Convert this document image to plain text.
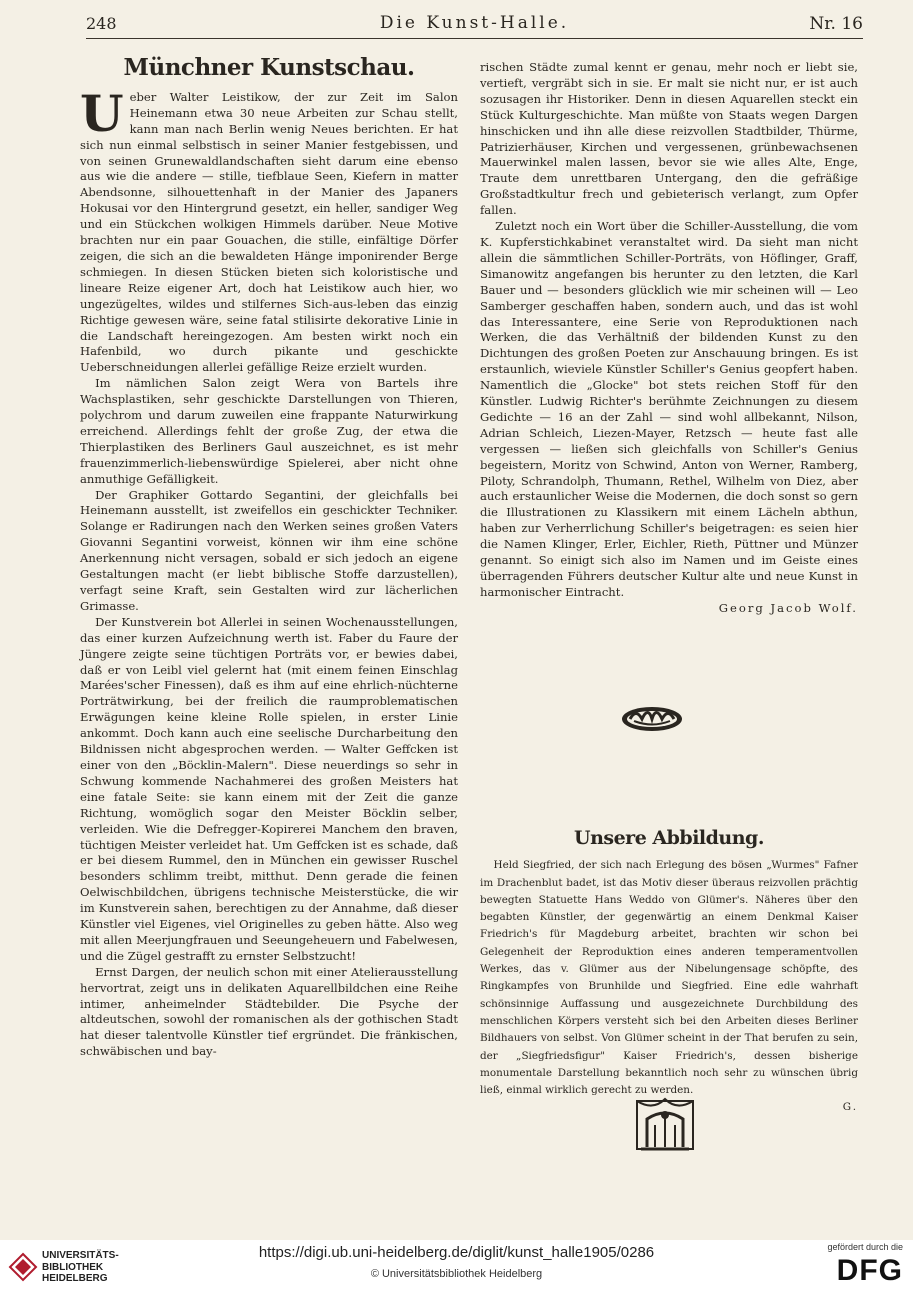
248	Die Kunst-Halle.	Nr. 16
Münchner Kunstschau.

Ueber Walter Leistikow, der zur Zeit im Salon Heinemann etwa 30 neue Arbeiten zur Schau stellt, kann man nach Berlin wenig Neues berichten. Er hat sich nun einmal selbstisch in seiner Manier festgebissen, und von seinen Grunewaldlandschaften sieht darum eine ebenso aus wie die andere — stille, tiefblaue Seen, Kiefern in matter Abendsonne, silhouettenhaft in der Manier des Japaners Hokusai vor den Hintergrund gesetzt, ein heller, sandiger Weg und ein Stückchen wolkigen Himmels darüber. Neue Motive brachten nur ein paar Gouachen, die stille, einfältige Dörfer zeigen, die sich an die bewaldeten Hänge imponirender Berge schmiegen. In diesen Stücken bieten sich koloristische und lineare Reize eigener Art, doch hat Leistikow auch hier, wo ungezügeltes, wildes und stilfernes Sich-aus-leben das einzig Richtige gewesen wäre, seine fatal stilisirte dekorative Linie in die Landschaft hereingezogen. Am besten wirkt noch ein Hafenbild, wo durch pikante und geschickte Ueberschneidungen allerlei gefällige Reize erzielt wurden.

Im nämlichen Salon zeigt Wera von Bartels ihre Wachsplastiken, sehr geschickte Darstellungen von Thieren, polychrom und darum zuweilen eine frappante Naturwirkung erreichend. Allerdings fehlt der große Zug, der etwa die Thierplastiken des Berliners Gaul auszeichnet, es ist mehr frauenzimmerlich-liebenswürdige Spielerei, aber nicht ohne anmuthige Gefälligkeit.

Der Graphiker Gottardo Segantini, der gleichfalls bei Heinemann ausstellt, ist zweifellos ein geschickter Techniker. Solange er Radirungen nach den Werken seines großen Vaters Giovanni Segantini vorweist, können wir ihm eine schöne Anerkennung nicht versagen, sobald er sich jedoch an eigene Gestaltungen macht (er liebt biblische Stoffe darzustellen), verfagt seine Kraft, sein Gestalten wird zur lächerlichen Grimasse.

Der Kunstverein bot Allerlei in seinen Wochenausstellungen, das einer kurzen Aufzeichnung werth ist. Faber du Faure der Jüngere zeigte seine tüchtigen Porträts vor, er bewies dabei, daß er von Leibl viel gelernt hat (mit einem feinen Einschlag Marées'scher Finessen), daß es ihm auf eine ehrlich-nüchterne Porträtwirkung, bei der freilich die raumproblematischen Erwägungen keine kleine Rolle spielen, in erster Linie ankommt. Doch kann auch eine seelische Durcharbeitung den Bildnissen nicht abgesprochen werden. — Walter Geffcken ist einer von den „Böcklin-Malern". Diese neuerdings so sehr in Schwung kommende Nachahmerei des großen Meisters hat eine fatale Seite: sie kann einem mit der Zeit die ganze Richtung, womöglich sogar den Meister Böcklin selber, verleiden. Wie die Defregger-Kopirerei Manchem den braven, tüchtigen Meister verleidet hat. Um Geffcken ist es schade, daß er bei diesem Rummel, den in München ein gewisser Ruschel besonders schlimm treibt, mitthut. Denn gerade die feinen Oelwischbildchen, übrigens technische Meisterstücke, die wir im Kunstverein sahen, berechtigen zu der Annahme, daß dieser Künstler viel Eigenes, viel Originelles zu geben hätte. Also weg mit allen Meerjungfrauen und Seeungeheuern und Fabelwesen, und die Zügel gestrafft zu ernster Selbstzucht!

Ernst Dargen, der neulich schon mit einer Atelierausstellung hervortrat, zeigt uns in delikaten Aquarellbildchen eine Reihe intimer, anheimelnder Städtebilder. Die Psyche der altdeutschen, sowohl der romanischen als der gothischen Stadt hat dieser talentvolle Künstler tief ergründet. Die fränkischen, schwäbischen und bay-

rischen Städte zumal kennt er genau, mehr noch er liebt sie, vertieft, vergräbt sich in sie. Er malt sie nicht nur, er ist auch sozusagen ihr Historiker. Denn in diesen Aquarellen steckt ein Stück Kulturgeschichte. Man müßte von Staats wegen Dargen hinschicken und ihn alle diese reizvollen Stadtbilder, Thürme, Patrizierhäuser, Kirchen und vergessenen, grünbewachsenen Mauerwinkel malen lassen, bevor sie wie alles Alte, Enge, Traute dem unrettbaren Untergang, den die gefräßige Großstadtkultur frech und gebieterisch verlangt, zum Opfer fallen.

Zuletzt noch ein Wort über die Schiller-Ausstellung, die vom K. Kupferstichkabinet veranstaltet wird. Da sieht man nicht allein die sämmtlichen Schiller-Porträts, von Höflinger, Graff, Simanowitz angefangen bis herunter zu den letzten, die Karl Bauer und — besonders glücklich wie mir scheinen will — Leo Samberger geschaffen haben, sondern auch, und das ist wohl das Interessantere, eine Serie von Reproduktionen nach Werken, die das Verhältniß der bildenden Kunst zu den Dichtungen des großen Poeten zur Anschauung bringen. Es ist erstaunlich, wieviele Künstler Schiller's Genius geopfert haben. Namentlich die „Glocke" bot stets reichen Stoff für den Künstler. Ludwig Richter's berühmte Zeichnungen zu diesem Gedichte — 16 an der Zahl — sind wohl allbekannt, Nilson, Adrian Schleich, Liezen-Mayer, Retzsch — heute fast alle vergessen — ließen sich gleichfalls von Schiller's Genius begeistern, Moritz von Schwind, Anton von Werner, Ramberg, Piloty, Schrandolph, Thumann, Rethel, Wilhelm von Diez, aber auch erstaunlicher Weise die Modernen, die doch sonst so gern die Illustrationen zu Klassikern mit einem Lächeln abthun, haben zur Verherrlichung Schiller's beigetragen: es seien hier die Namen Klinger, Erler, Eichler, Rieth, Püttner und Münzer genannt. So einigt sich also im Namen und im Geiste eines überragenden Führers deutscher Kultur alte und neue Kunst in harmonischer Eintracht.

Georg Jacob Wolf.

Unsere Abbildung.

Held Siegfried, der sich nach Erlegung des bösen „Wurmes" Fafner im Drachenblut badet, ist das Motiv dieser überaus reizvollen prächtig bewegten Statuette Hans Weddo von Glümer's. Näheres über den begabten Künstler, der gegenwärtig an einem Denkmal Kaiser Friedrich's für Magdeburg arbeitet, brachten wir schon bei Gelegenheit der Reproduktion eines anderen temperamentvollen Werkes, das v. Glümer aus der Nibelungensage schöpfte, des Ringkampfes von Brunhilde und Siegfried. Eine edle wahrhaft schönsinnige Auffassung und ausgezeichnete Durchbildung des menschlichen Körpers versteht sich bei den Arbeiten dieses Berliner Bildhauers von selbst. Von Glümer scheint in der That berufen zu sein, der „Siegfriedsfigur" Kaiser Friedrich's, dessen bisherige monumentale Darstellung bekanntlich noch sehr zu wünschen übrig ließ, einmal wirklich gerecht zu werden.

G.

UNIVERSITÄTS-
BIBLIOTHEK
HEIDELBERG
https://digi.ub.uni-heidelberg.de/diglit/kunst_halle1905/0286
© Universitätsbibliothek Heidelberg
gefördert durch die
DFG
